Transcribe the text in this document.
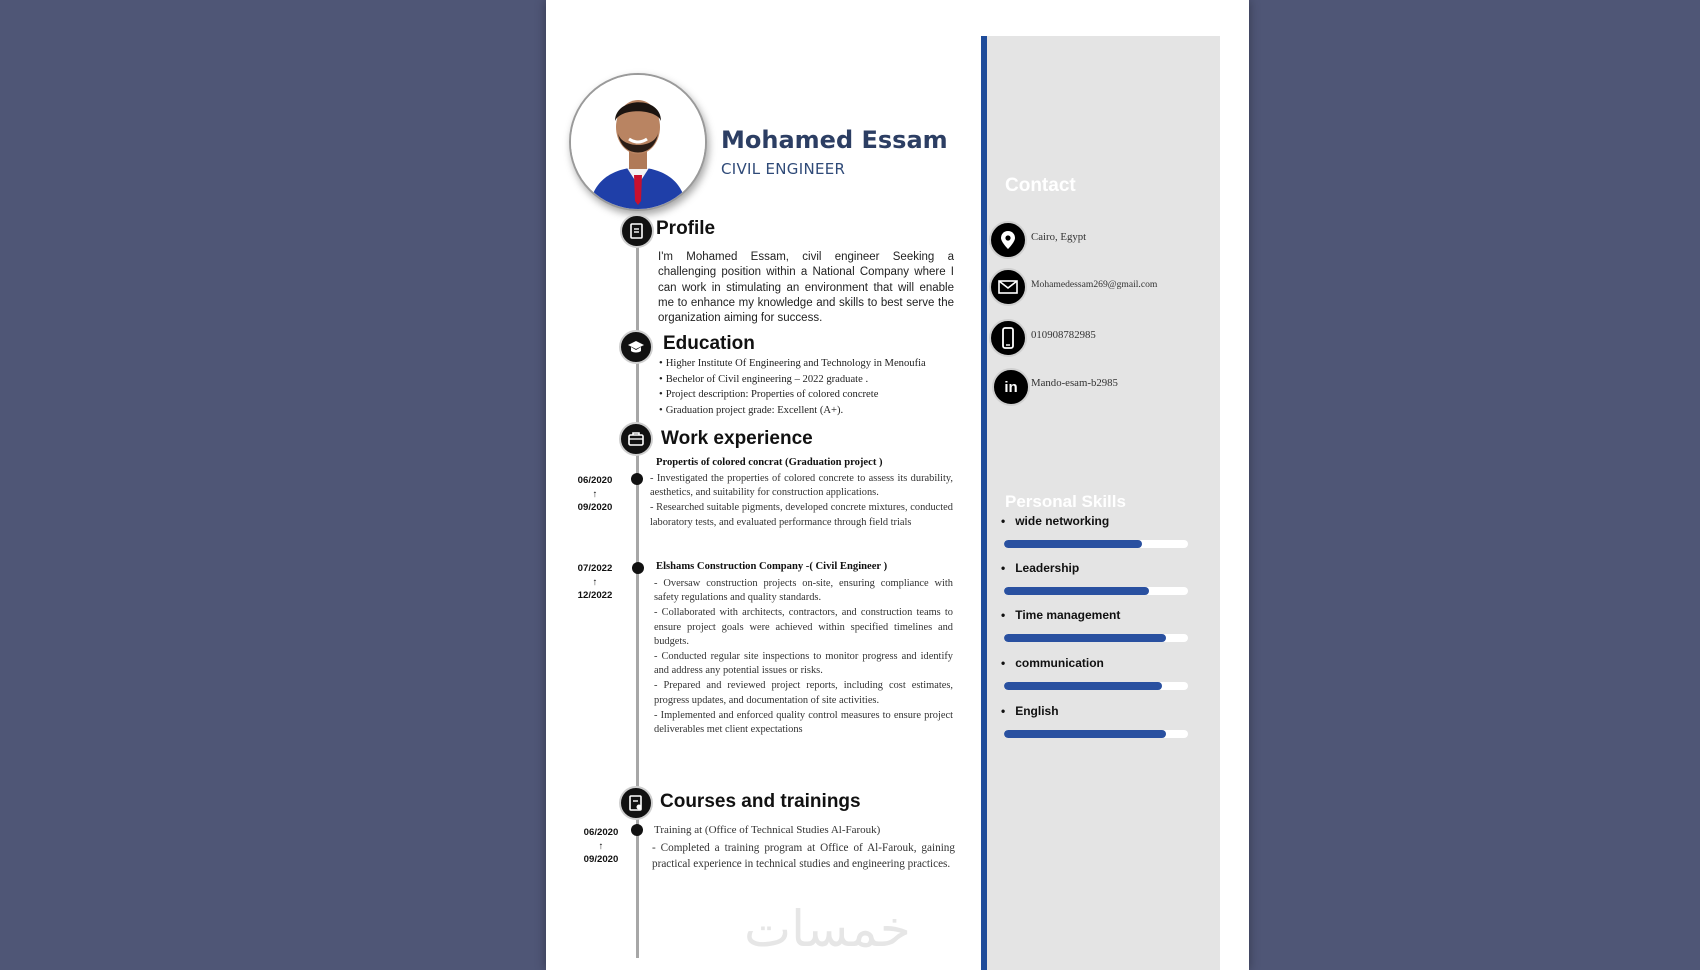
Mohamed Essam
CIVIL ENGINEER
Profile
I'm Mohamed Essam, civil engineer Seeking a challenging position within a National Company where I can work in stimulating an environment that will enable me to enhance my knowledge and skills to best serve the organization aiming for success.
Education
• Higher Institute Of Engineering and Technology in Menoufia
• Bechelor of Civil engineering – 2022 graduate .
• Project description: Properties of colored concrete
• Graduation project grade: Excellent (A+).
Work experience
Propertis of colored concrat (Graduation project )
06/2020
↑
09/2020
- Investigated the properties of colored concrete to assess its durability, aesthetics, and suitability for construction applications.
- Researched suitable pigments, developed concrete mixtures, conducted laboratory tests, and evaluated performance through field trials
Elshams Construction Company -( Civil Engineer )
07/2022
↑
12/2022
- Oversaw construction projects on-site, ensuring compliance with safety regulations and quality standards.
- Collaborated with architects, contractors, and construction teams to ensure project goals were achieved within specified timelines and budgets.
- Conducted regular site inspections to monitor progress and identify and address any potential issues or risks.
- Prepared and reviewed project reports, including cost estimates, progress updates, and documentation of site activities.
- Implemented and enforced quality control measures to ensure project deliverables met client expectations
Courses and trainings
06/2020
↑
09/2020
Training at (Office of Technical Studies Al-Farouk)
- Completed a training program at Office of Al-Farouk, gaining practical experience in technical studies and engineering practices.
خمسات
Contact
Cairo, Egypt
Mohamedessam269@gmail.com
010908782985
in Mando-esam-b2985
Personal Skills
• wide networking
• Leadership
• Time management
• communication
• English
